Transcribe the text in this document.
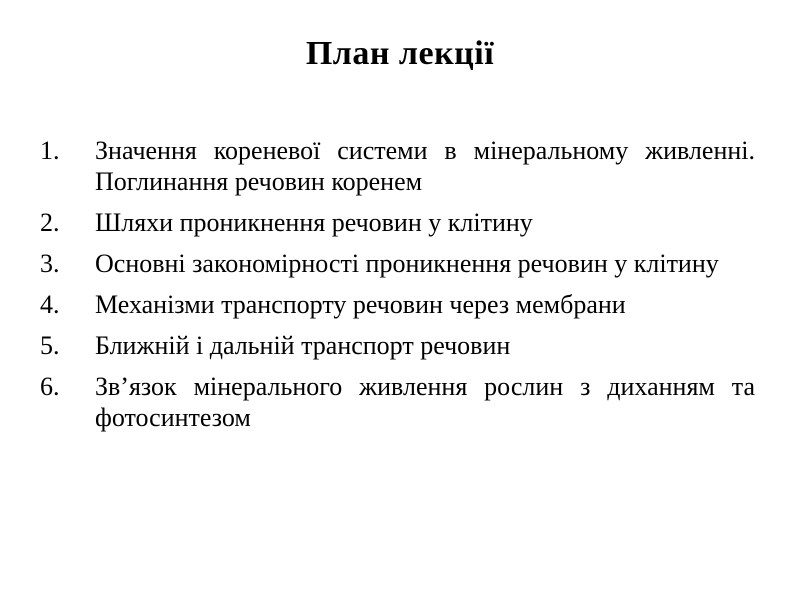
План лекції
1.	Значення кореневої системи в мінеральному живленні. Поглинання речовин коренем
2.	Шляхи проникнення речовин у клітину
3.	Основні закономірності проникнення речовин у клітину
4.	Механізми транспорту речовин через мембрани
5.	Ближній і дальній транспорт речовин
6.	Зв’язок мінерального живлення рослин з диханням та фотосинтезом
